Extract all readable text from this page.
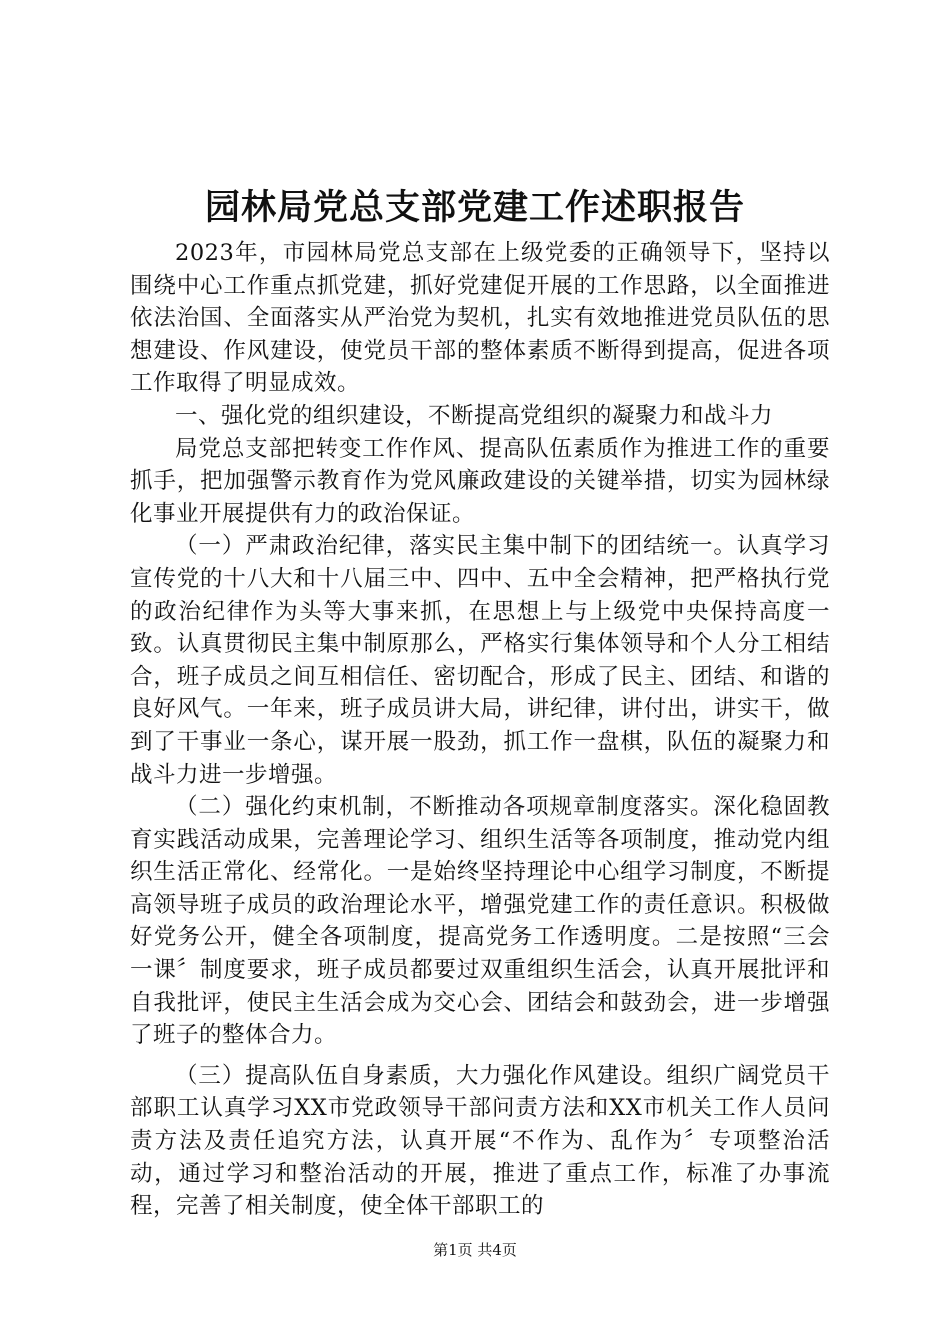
园林局党总支部党建工作述职报告

2023年，市园林局党总支部在上级党委的正确领导下，坚持以围绕中心工作重点抓党建，抓好党建促开展的工作思路，以全面推进依法治国、全面落实从严治党为契机，扎实有效地推进党员队伍的思想建设、作风建设，使党员干部的整体素质不断得到提高，促进各项工作取得了明显成效。

一、强化党的组织建设，不断提高党组织的凝聚力和战斗力

局党总支部把转变工作作风、提高队伍素质作为推进工作的重要抓手，把加强警示教育作为党风廉政建设的关键举措，切实为园林绿化事业开展提供有力的政治保证。

（一）严肃政治纪律，落实民主集中制下的团结统一。认真学习宣传党的十八大和十八届三中、四中、五中全会精神，把严格执行党的政治纪律作为头等大事来抓，在思想上与上级党中央保持高度一致。认真贯彻民主集中制原那么，严格实行集体领导和个人分工相结合，班子成员之间互相信任、密切配合，形成了民主、团结、和谐的良好风气。一年来，班子成员讲大局，讲纪律，讲付出，讲实干，做到了干事业一条心，谋开展一股劲，抓工作一盘棋，队伍的凝聚力和战斗力进一步增强。

（二）强化约束机制，不断推动各项规章制度落实。深化稳固教育实践活动成果，完善理论学习、组织生活等各项制度，推动党内组织生活正常化、经常化。一是始终坚持理论中心组学习制度，不断提高领导班子成员的政治理论水平，增强党建工作的责任意识。积极做好党务公开，健全各项制度，提高党务工作透明度。二是按照“三会一课〞制度要求，班子成员都要过双重组织生活会，认真开展批评和自我批评，使民主生活会成为交心会、团结会和鼓劲会，进一步增强了班子的整体合力。

（三）提高队伍自身素质，大力强化作风建设。组织广阔党员干部职工认真学习XX市党政领导干部问责方法和XX市机关工作人员问责方法及责任追究方法，认真开展“不作为、乱作为〞专项整治活动，通过学习和整治活动的开展，推进了重点工作，标准了办事流程，完善了相关制度，使全体干部职工的

第1页 共4页
